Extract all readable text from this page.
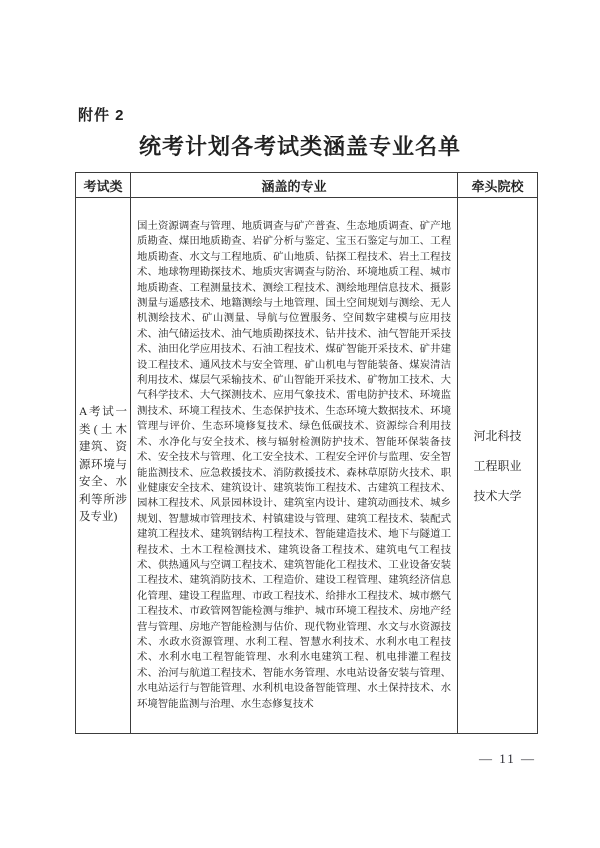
附件 2
统考计划各考试类涵盖专业名单
考试类	涵盖的专业	牵头院校
A考试一类(土木建筑、资源环境与安全、水利等所涉及专业)	国土资源调查与管理、地质调查与矿产普查、生态地质调查、矿产地质勘查、煤田地质勘查、岩矿分析与鉴定、宝玉石鉴定与加工、工程地质勘查、水文与工程地质、矿山地质、钻探工程技术、岩土工程技术、地球物理勘探技术、地质灾害调查与防治、环境地质工程、城市地质勘查、工程测量技术、测绘工程技术、测绘地理信息技术、摄影测量与遥感技术、地籍测绘与土地管理、国土空间规划与测绘、无人机测绘技术、矿山测量、导航与位置服务、空间数字建模与应用技术、油气储运技术、油气地质勘探技术、钻井技术、油气智能开采技术、油田化学应用技术、石油工程技术、煤矿智能开采技术、矿井建设工程技术、通风技术与安全管理、矿山机电与智能装备、煤炭清洁利用技术、煤层气采输技术、矿山智能开采技术、矿物加工技术、大气科学技术、大气探测技术、应用气象技术、雷电防护技术、环境监测技术、环境工程技术、生态保护技术、生态环境大数据技术、环境管理与评价、生态环境修复技术、绿色低碳技术、资源综合利用技术、水净化与安全技术、核与辐射检测防护技术、智能环保装备技术、安全技术与管理、化工安全技术、工程安全评价与监理、安全智能监测技术、应急救援技术、消防救援技术、森林草原防火技术、职业健康安全技术、建筑设计、建筑装饰工程技术、古建筑工程技术、园林工程技术、风景园林设计、建筑室内设计、建筑动画技术、城乡规划、智慧城市管理技术、村镇建设与管理、建筑工程技术、装配式建筑工程技术、建筑钢结构工程技术、智能建造技术、地下与隧道工程技术、土木工程检测技术、建筑设备工程技术、建筑电气工程技术、供热通风与空调工程技术、建筑智能化工程技术、工业设备安装工程技术、建筑消防技术、工程造价、建设工程管理、建筑经济信息化管理、建设工程监理、市政工程技术、给排水工程技术、城市燃气工程技术、市政管网智能检测与维护、城市环境工程技术、房地产经营与管理、房地产智能检测与估价、现代物业管理、水文与水资源技术、水政水资源管理、水利工程、智慧水利技术、水利水电工程技术、水利水电工程智能管理、水利水电建筑工程、机电排灌工程技术、治河与航道工程技术、智能水务管理、水电站设备安装与管理、水电站运行与智能管理、水利机电设备智能管理、水土保持技术、水环境智能监测与治理、水生态修复技术	河北科技工程职业技术大学
— 11 —
